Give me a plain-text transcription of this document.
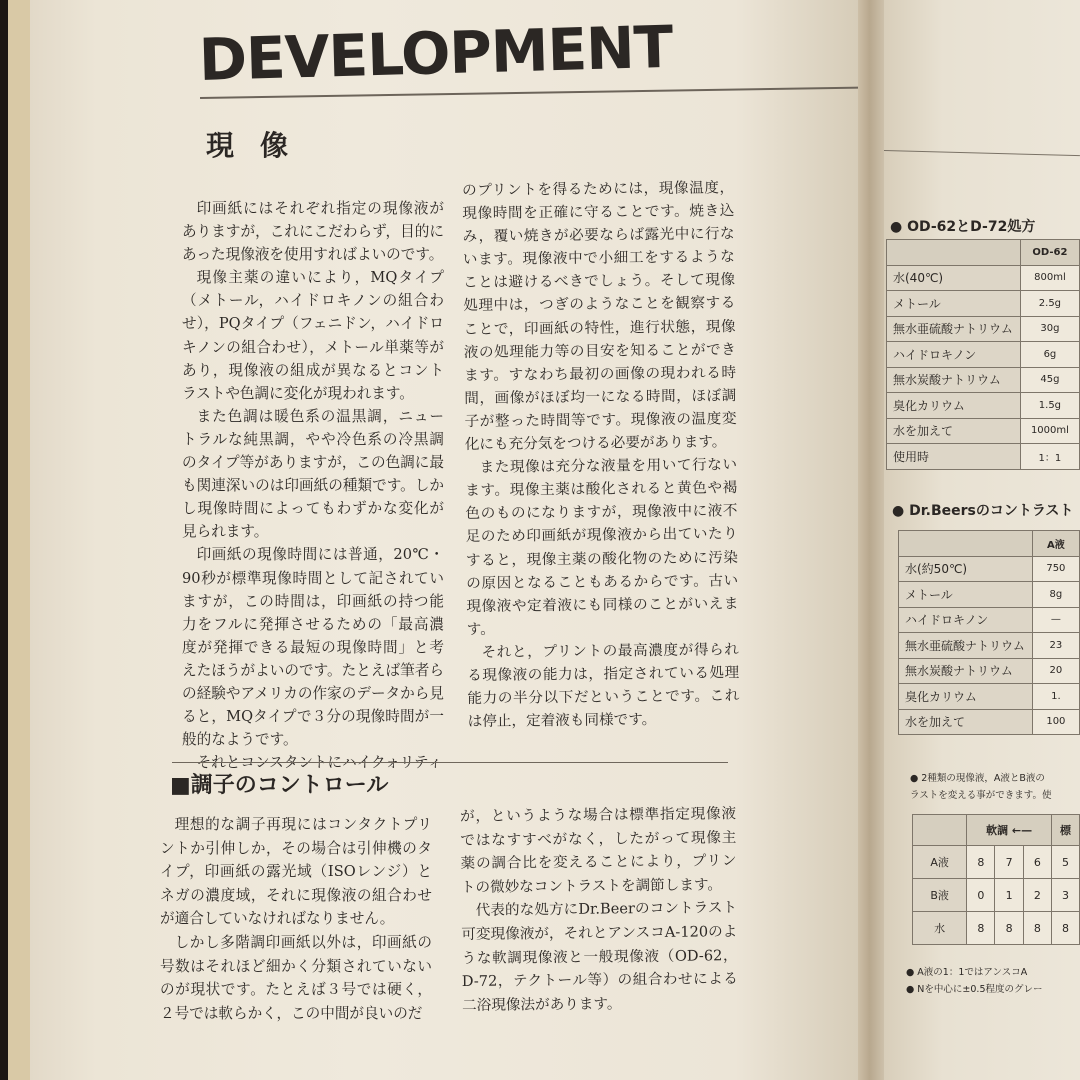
DEVELOPMENT
現像

印画紙にはそれぞれ指定の現像液がありますが，これにこだわらず，目的にあった現像液を使用すればよいのです。

現像主薬の違いにより，MQタイプ（メトール，ハイドロキノンの組合わせ），PQタイプ（フェニドン，ハイドロキノンの組合わせ），メトール単薬等があり，現像液の組成が異なるとコントラストや色調に変化が現われます。

また色調は暖色系の温黒調，ニュートラルな純黒調，やや冷色系の冷黒調のタイプ等がありますが，この色調に最も関連深いのは印画紙の種類です。しかし現像時間によってもわずかな変化が見られます。

印画紙の現像時間には普通，20℃・90秒が標準現像時間として記されていますが，この時間は，印画紙の持つ能力をフルに発揮させるための「最高濃度が発揮できる最短の現像時間」と考えたほうがよいのです。たとえば筆者らの経験やアメリカの作家のデータから見ると，MQタイプで３分の現像時間が一般的なようです。

それとコンスタントにハイクォリティ

のプリントを得るためには，現像温度，現像時間を正確に守ることです。焼き込み，覆い焼きが必要ならば露光中に行ないます。現像液中で小細工をするようなことは避けるべきでしょう。そして現像処理中は，つぎのようなことを観察することで，印画紙の特性，進行状態，現像液の処理能力等の目安を知ることができます。すなわち最初の画像の現われる時間，画像がほぼ均一になる時間，ほぼ調子が整った時間等です。現像液の温度変化にも充分気をつける必要があります。

また現像は充分な液量を用いて行ないます。現像主薬は酸化されると黄色や褐色のものになりますが，現像液中に液不足のため印画紙が現像液から出ていたりすると，現像主薬の酸化物のために汚染の原因となることもあるからです。古い現像液や定着液にも同様のことがいえます。

それと，プリントの最高濃度が得られる現像液の能力は，指定されている処理能力の半分以下だということです。これは停止，定着液も同様です。

■調子のコントロール

理想的な調子再現にはコンタクトプリントか引伸しか，その場合は引伸機のタイプ，印画紙の露光域（ISOレンジ）とネガの濃度域，それに現像液の組合わせが適合していなければなりません。

しかし多階調印画紙以外は，印画紙の号数はそれほど細かく分類されていないのが現状です。たとえば３号では硬く，２号では軟らかく，この中間が良いのだ

が，というような場合は標準指定現像液ではなすすべがなく，したがって現像主薬の調合比を変えることにより，プリントの微妙なコントラストを調節します。

代表的な処方にDr.Beerのコントラスト可変現像液が，それとアンスコA-120のような軟調現像液と一般現像液（OD-62，D-72，テクトール等）の組合わせによる二浴現像法があります。

● OD-62とD-72処方
	OD-62
水(40℃)	800ml
メトール	2.5g
無水亜硫酸ナトリウム	30g
ハイドロキノン	6g
無水炭酸ナトリウム	45g
臭化カリウム	1.5g
水を加えて	1000ml
使用時	1：1
● Dr.Beersのコントラスト
	A液
水(約50℃)	750
メトール	8g
ハイドロキノン	—
無水亜硫酸ナトリウム	23
無水炭酸ナトリウム	20
臭化カリウム	1.
水を加えて	100
● 2種類の現像液，A液とB液の
ラストを変える事ができます。使
	軟調 ←—			標
A液	8	7	6	5
B液	0	1	2	3
水	8	8	8	8
● A液の1：1ではアンスコA
● Nを中心に±0.5程度のグレー
